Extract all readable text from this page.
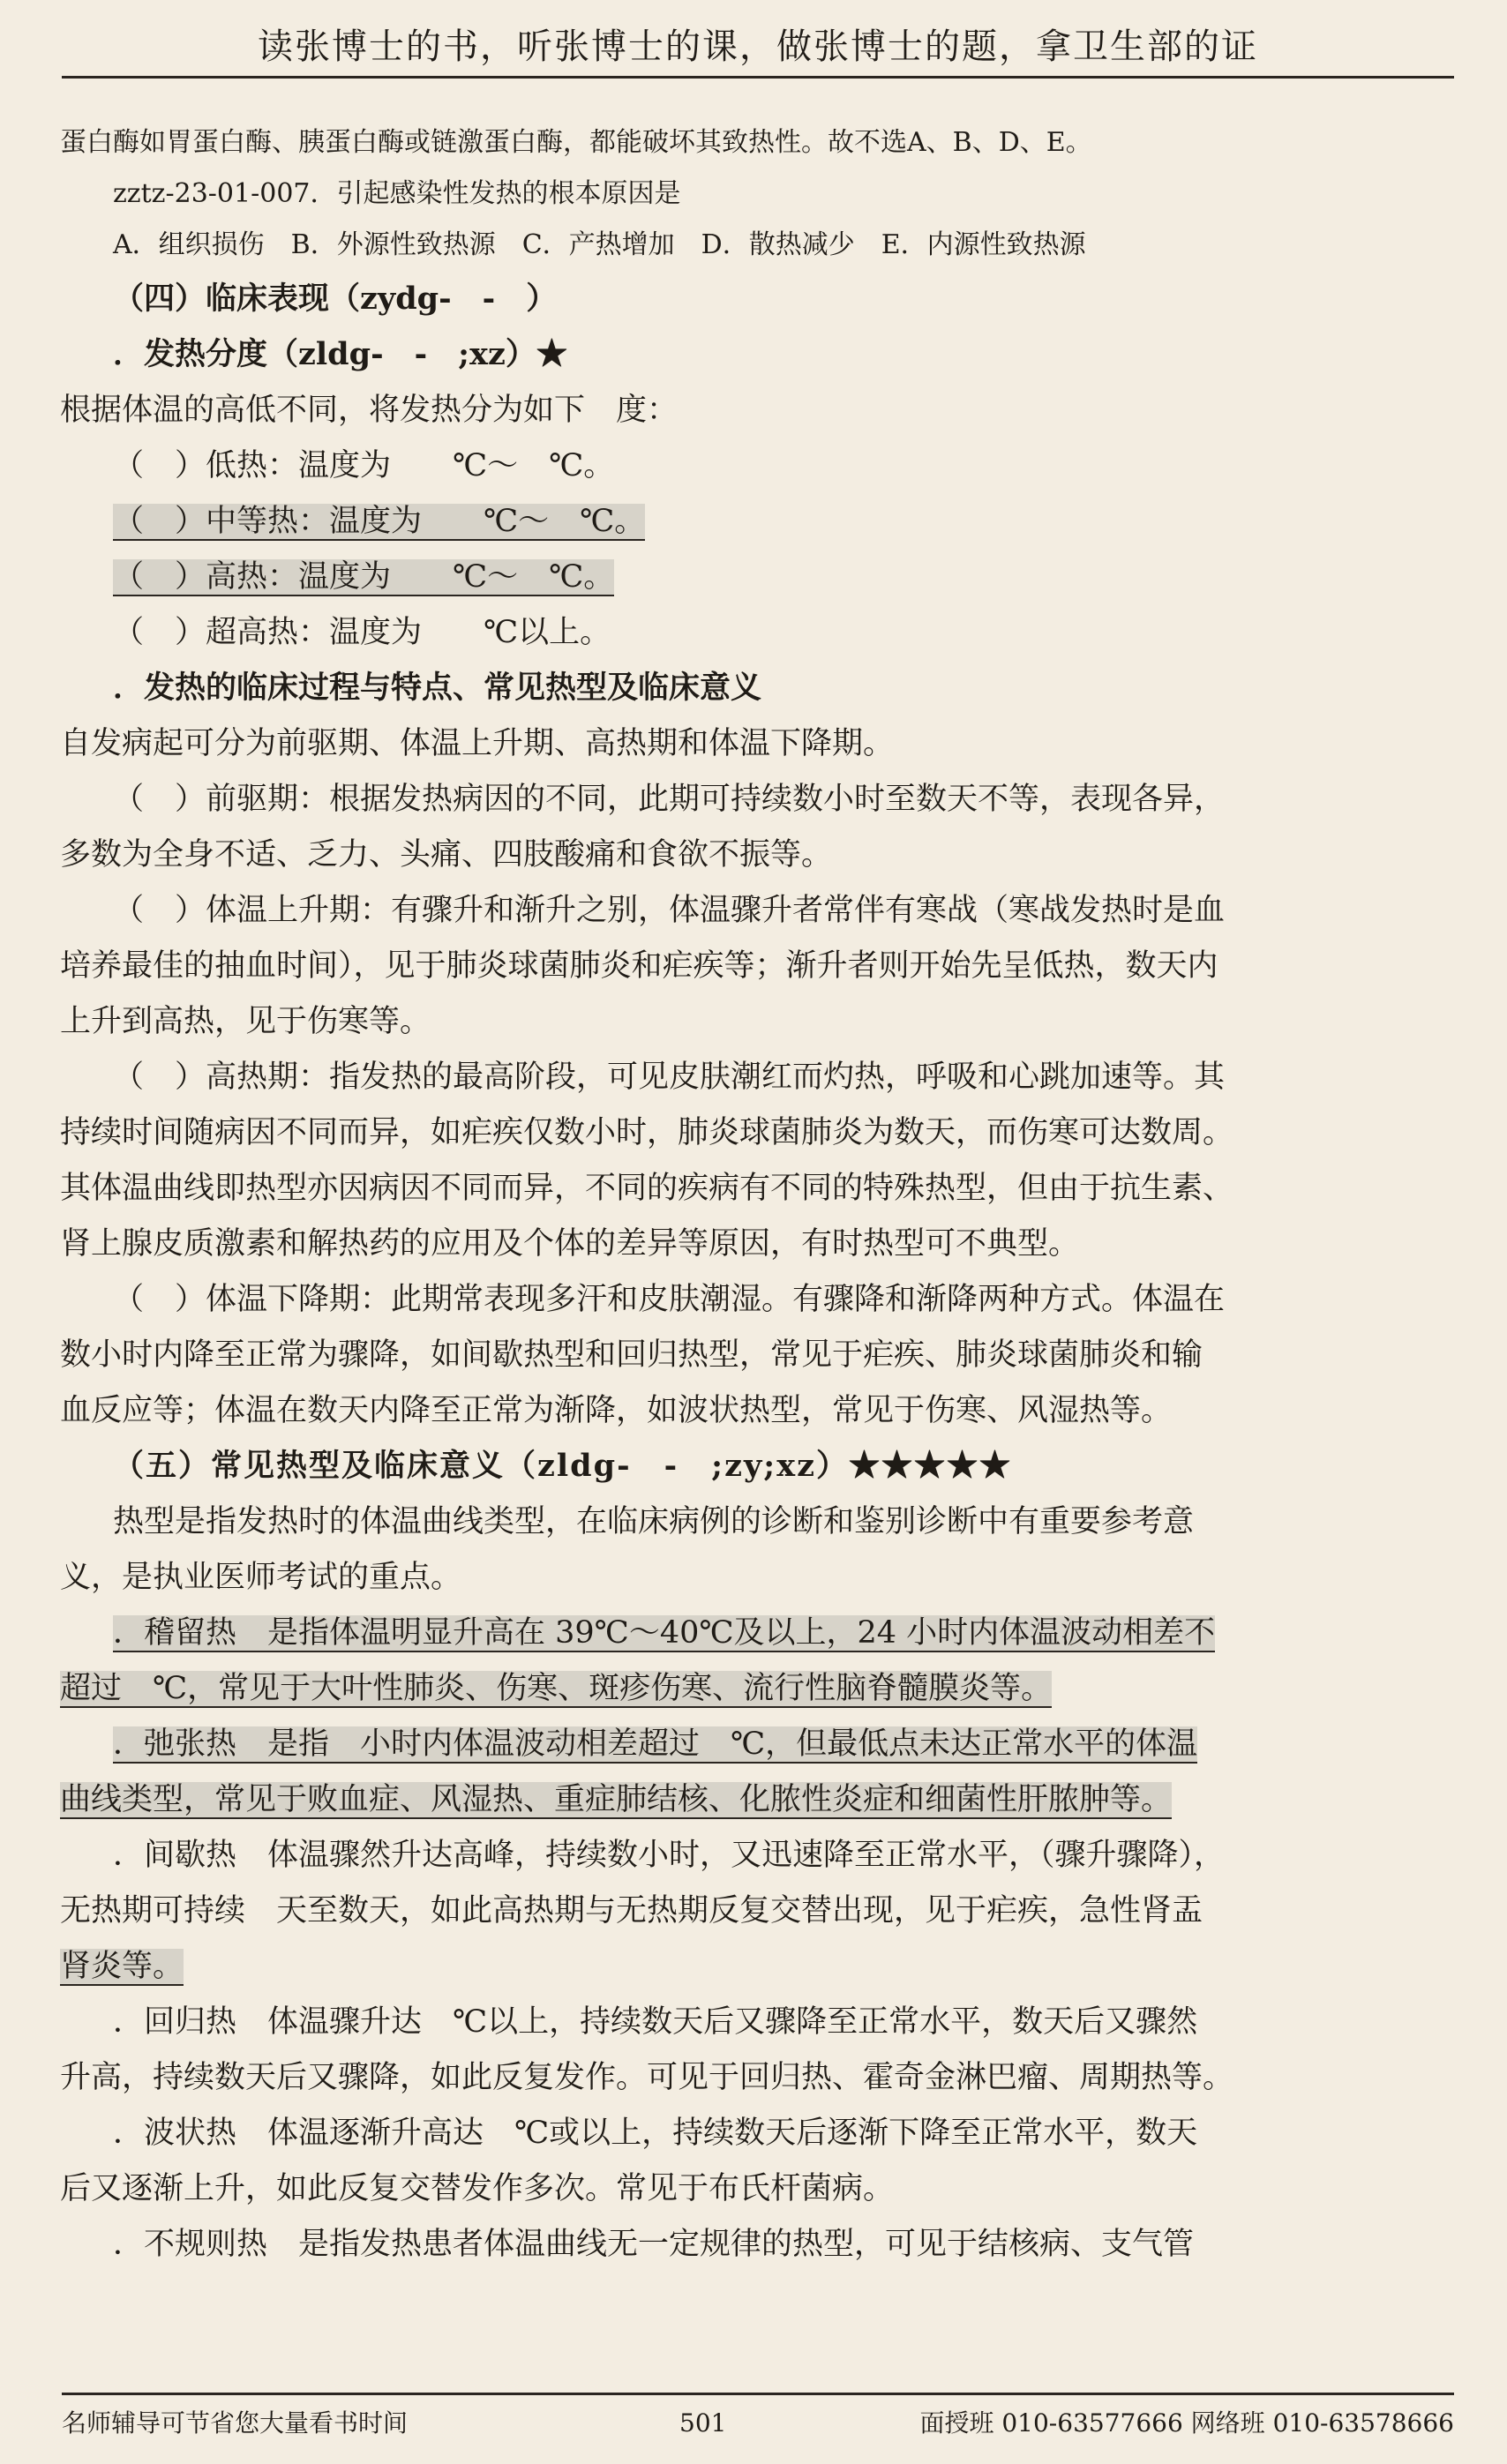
读张博士的书，听张博士的课，做张博士的题，拿卫生部的证
蛋白酶如胃蛋白酶、胰蛋白酶或链激蛋白酶，都能破坏其致热性。故不选A、B、D、E。
zztz-23-01-007．引起感染性发热的根本原因是
A．组织损伤　B．外源性致热源　C．产热增加　D．散热减少　E．内源性致热源
（四）临床表现（zydg-　-　）
．发热分度（zldg-　-　;xz）★
根据体温的高低不同，将发热分为如下　度：
（　）低热：温度为　　℃～　℃。
（　）中等热：温度为　　℃～　℃。
（　）高热：温度为　　℃～　℃。
（　）超高热：温度为　　℃以上。
．发热的临床过程与特点、常见热型及临床意义
自发病起可分为前驱期、体温上升期、高热期和体温下降期。
（　）前驱期：根据发热病因的不同，此期可持续数小时至数天不等，表现各异，
多数为全身不适、乏力、头痛、四肢酸痛和食欲不振等。
（　）体温上升期：有骤升和渐升之别，体温骤升者常伴有寒战（寒战发热时是血
培养最佳的抽血时间），见于肺炎球菌肺炎和疟疾等；渐升者则开始先呈低热，数天内
上升到高热，见于伤寒等。
（　）高热期：指发热的最高阶段，可见皮肤潮红而灼热，呼吸和心跳加速等。其
持续时间随病因不同而异，如疟疾仅数小时，肺炎球菌肺炎为数天，而伤寒可达数周。
其体温曲线即热型亦因病因不同而异，不同的疾病有不同的特殊热型，但由于抗生素、
肾上腺皮质激素和解热药的应用及个体的差异等原因，有时热型可不典型。
（　）体温下降期：此期常表现多汗和皮肤潮湿。有骤降和渐降两种方式。体温在
数小时内降至正常为骤降，如间歇热型和回归热型，常见于疟疾、肺炎球菌肺炎和输
血反应等；体温在数天内降至正常为渐降，如波状热型，常见于伤寒、风湿热等。
（五）常见热型及临床意义（zldg-　-　;zy;xz）★★★★★
热型是指发热时的体温曲线类型，在临床病例的诊断和鉴别诊断中有重要参考意
义，是执业医师考试的重点。
．稽留热　是指体温明显升高在 39℃～40℃及以上，24 小时内体温波动相差不
超过　℃，常见于大叶性肺炎、伤寒、斑疹伤寒、流行性脑脊髓膜炎等。
．弛张热　是指　小时内体温波动相差超过　℃，但最低点未达正常水平的体温
曲线类型，常见于败血症、风湿热、重症肺结核、化脓性炎症和细菌性肝脓肿等。
．间歇热　体温骤然升达高峰，持续数小时，又迅速降至正常水平，（骤升骤降），
无热期可持续　天至数天，如此高热期与无热期反复交替出现，见于疟疾，急性肾盂
肾炎等。
．回归热　体温骤升达　℃以上，持续数天后又骤降至正常水平，数天后又骤然
升高，持续数天后又骤降，如此反复发作。可见于回归热、霍奇金淋巴瘤、周期热等。
．波状热　体温逐渐升高达　℃或以上，持续数天后逐渐下降至正常水平，数天
后又逐渐上升，如此反复交替发作多次。常见于布氏杆菌病。
．不规则热　是指发热患者体温曲线无一定规律的热型，可见于结核病、支气管
名师辅导可节省您大量看书时间	501	面授班 010-63577666 网络班 010-63578666
